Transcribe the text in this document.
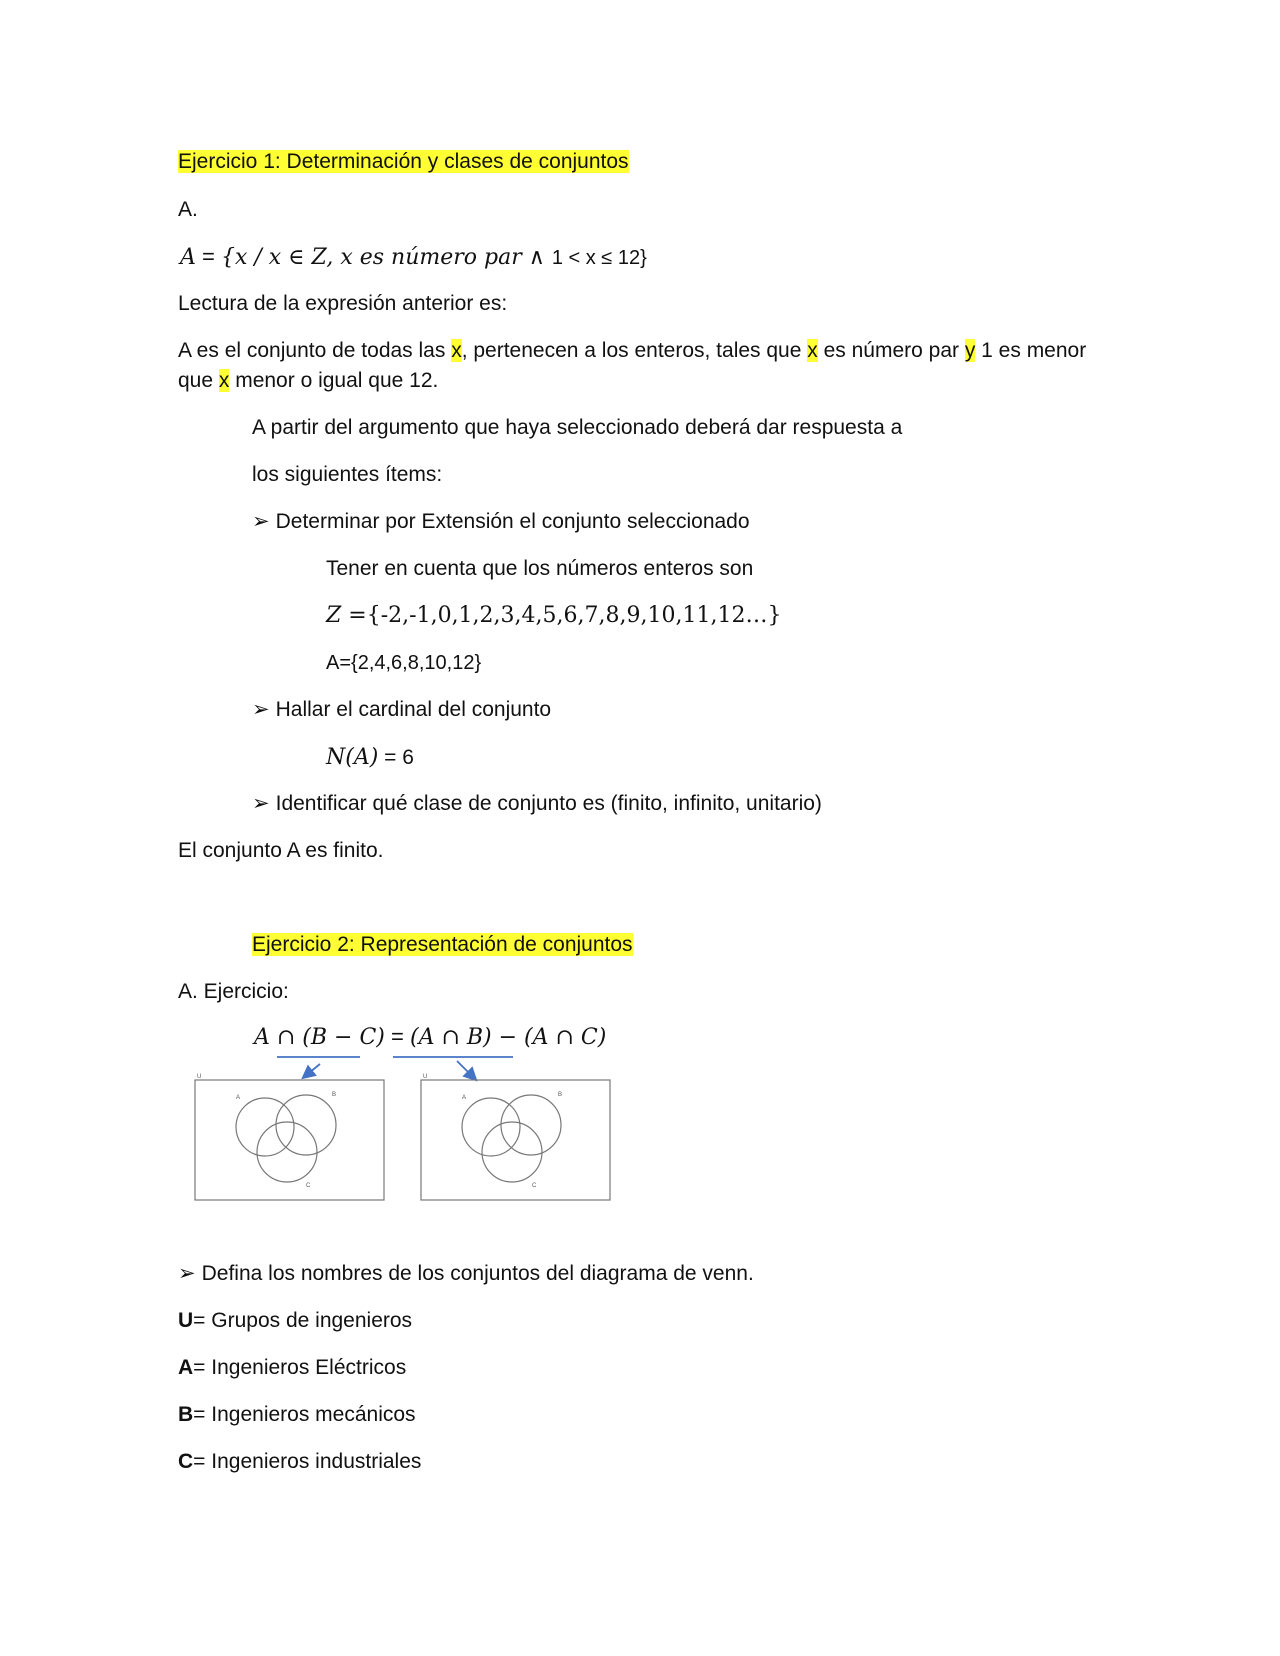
Ejercicio 1: Determinación y clases de conjuntos
A.
A = {x / x ∈ Z, x es número par ∧ 1 < x ≤ 12}
Lectura de la expresión anterior es:
A es el conjunto de todas las x, pertenecen a los enteros, tales que x es número par y 1 es menor
que x menor o igual que 12.
A partir del argumento que haya seleccionado deberá dar respuesta a
los siguientes ítems:
➢ Determinar por Extensión el conjunto seleccionado
Tener en cuenta que los números enteros son
Z ={-2,-1,0,1,2,3,4,5,6,7,8,9,10,11,12…}
A={2,4,6,8,10,12}
➢ Hallar el cardinal del conjunto
N(A) = 6
➢ Identificar qué clase de conjunto es (finito, infinito, unitario)
El conjunto A es finito.
Ejercicio 2: Representación de conjuntos
A. Ejercicio:
A ∩ (B − C) = (A ∩ B) − (A ∩ C)
U
A	B
C
U
A	B
C
➢ Defina los nombres de los conjuntos del diagrama de venn.
U= Grupos de ingenieros
A= Ingenieros Eléctricos
B= Ingenieros mecánicos
C= Ingenieros industriales
